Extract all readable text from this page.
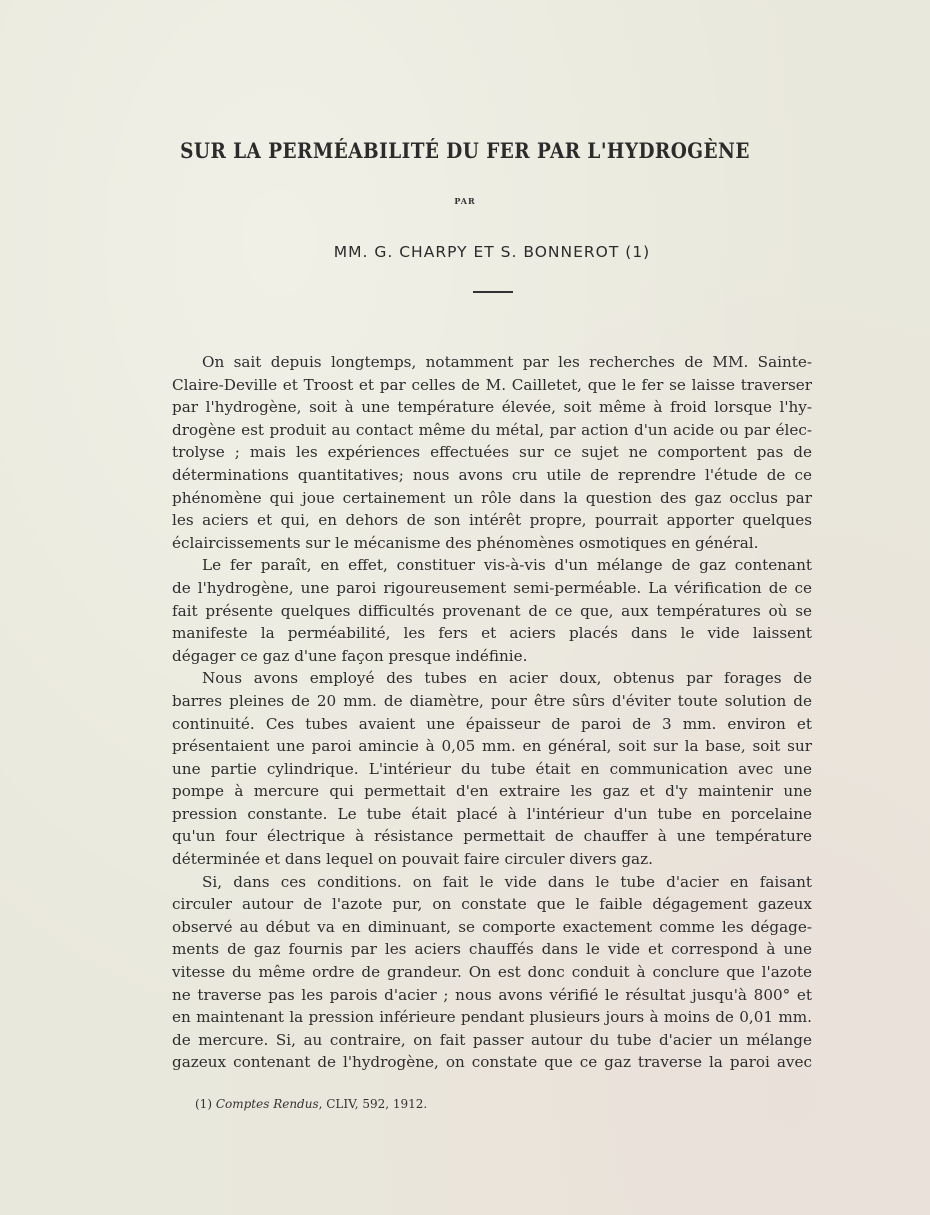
SUR LA PERMÉABILITÉ DU FER PAR L'HYDROGÈNE
PAR
MM. G. CHARPY ET S. BONNEROT (1)
On sait depuis longtemps, notamment par les recherches de MM. Sainte-
Claire-Deville et Troost et par celles de M. Cailletet, que le fer se laisse traverser
par l'hydrogène, soit à une température élevée, soit même à froid lorsque l'hy-
drogène est produit au contact même du métal, par action d'un acide ou par élec-
trolyse ; mais les expériences effectuées sur ce sujet ne comportent pas de
déterminations quantitatives; nous avons cru utile de reprendre l'étude de ce
phénomène qui joue certainement un rôle dans la question des gaz occlus par
les aciers et qui, en dehors de son intérêt propre, pourrait apporter quelques
éclaircissements sur le mécanisme des phénomènes osmotiques en général.
Le fer paraît, en effet, constituer vis-à-vis d'un mélange de gaz contenant
de l'hydrogène, une paroi rigoureusement semi-perméable. La vérification de ce
fait présente quelques difficultés provenant de ce que, aux températures où se
manifeste la perméabilité, les fers et aciers placés dans le vide laissent
dégager ce gaz d'une façon presque indéfinie.
Nous avons employé des tubes en acier doux, obtenus par forages de
barres pleines de 20 mm. de diamètre, pour être sûrs d'éviter toute solution de
continuité. Ces tubes avaient une épaisseur de paroi de 3 mm. environ et
présentaient une paroi amincie à 0,05 mm. en général, soit sur la base, soit sur
une partie cylindrique. L'intérieur du tube était en communication avec une
pompe à mercure qui permettait d'en extraire les gaz et d'y maintenir une
pression constante. Le tube était placé à l'intérieur d'un tube en porcelaine
qu'un four électrique à résistance permettait de chauffer à une température
déterminée et dans lequel on pouvait faire circuler divers gaz.
Si, dans ces conditions. on fait le vide dans le tube d'acier en faisant
circuler autour de l'azote pur, on constate que le faible dégagement gazeux
observé au début va en diminuant, se comporte exactement comme les dégage-
ments de gaz fournis par les aciers chauffés dans le vide et correspond à une
vitesse du même ordre de grandeur. On est donc conduit à conclure que l'azote
ne traverse pas les parois d'acier ; nous avons vérifié le résultat jusqu'à 800° et
en maintenant la pression inférieure pendant plusieurs jours à moins de 0,01 mm.
de mercure. Si, au contraire, on fait passer autour du tube d'acier un mélange
gazeux contenant de l'hydrogène, on constate que ce gaz traverse la paroi avec
(1) Comptes Rendus, CLIV, 592, 1912.
